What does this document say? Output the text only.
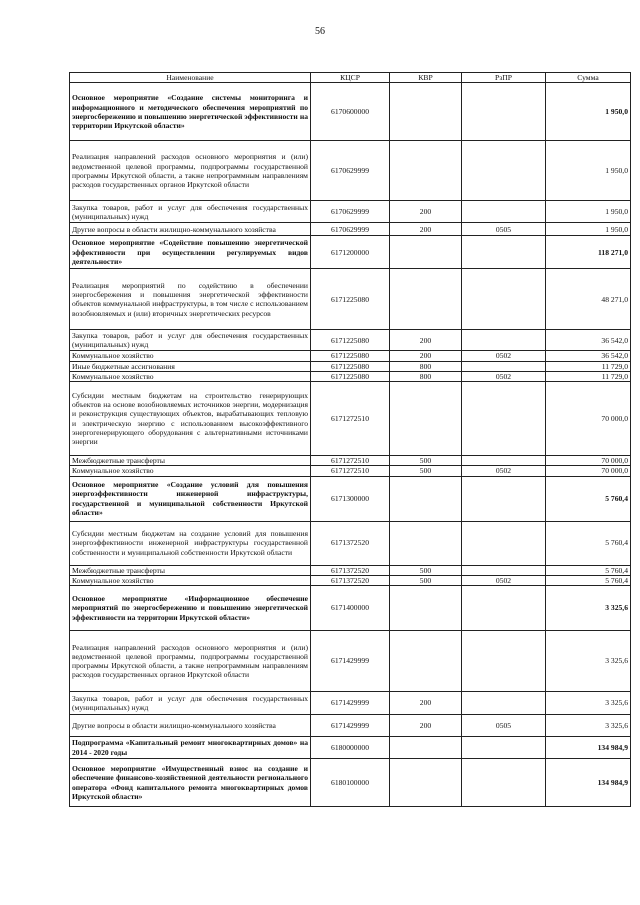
56
Наименование	КЦСР	КВР	РзПР	Сумма
Основное мероприятие «Создание системы мониторинга и информационного и методического обеспечения мероприятий по энергосбережению и повышению энергетической эффективности на территории Иркутской области»	6170600000			1 950,0
Реализация направлений расходов основного мероприятия и (или) ведомственной целевой программы, подпрограммы государственной программы Иркутской области, а также непрограммным направлениям расходов государственных органов Иркутской области	6170629999			1 950,0
Закупка товаров, работ и услуг для обеспечения государственных (муниципальных) нужд	6170629999	200		1 950,0
Другие вопросы в области жилищно-коммунального хозяйства	6170629999	200	0505	1 950,0
Основное мероприятие «Содействие повышению энергетической эффективности при осуществлении регулируемых видов деятельности»	6171200000			118 271,0
Реализация мероприятий по содействию в обеспечении энергосбережения и повышения энергетической эффективности объектов коммунальной инфраструктуры, в том числе с использованием возобновляемых и (или) вторичных энергетических ресурсов	6171225080			48 271,0
Закупка товаров, работ и услуг для обеспечения государственных (муниципальных) нужд	6171225080	200		36 542,0
Коммунальное хозяйство	6171225080	200	0502	36 542,0
Иные бюджетные ассигнования	6171225080	800		11 729,0
Коммунальное хозяйство	6171225080	800	0502	11 729,0
Субсидии местным бюджетам на строительство генерирующих объектов на основе возобновляемых источников энергии, модернизация и реконструкция существующих объектов, вырабатывающих тепловую и электрическую энергию с использованием высокоэффективного энергогенерирующего оборудования с альтернативными источниками энергии	6171272510			70 000,0
Межбюджетные трансферты	6171272510	500		70 000,0
Коммунальное хозяйство	6171272510	500	0502	70 000,0
Основное мероприятие «Создание условий для повышения энергоэффективности инженерной инфраструктуры, государственной и муниципальной собственности Иркутской области»	6171300000			5 760,4
Субсидии местным бюджетам на создание условий для повышения энергоэффективности инженерной инфраструктуры государственной собственности и муниципальной собственности Иркутской области	6171372520			5 760,4
Межбюджетные трансферты	6171372520	500		5 760,4
Коммунальное хозяйство	6171372520	500	0502	5 760,4
Основное мероприятие «Информационное обеспечение мероприятий по энергосбережению и повышению энергетической эффективности на территории Иркутской области»	6171400000			3 325,6
Реализация направлений расходов основного мероприятия и (или) ведомственной целевой программы, подпрограммы государственной программы Иркутской области, а также непрограммным направлениям расходов государственных органов Иркутской области	6171429999			3 325,6
Закупка товаров, работ и услуг для обеспечения государственных (муниципальных) нужд	6171429999	200		3 325,6
Другие вопросы в области жилищно-коммунального хозяйства	6171429999	200	0505	3 325,6
Подпрограмма «Капитальный ремонт многоквартирных домов» на 2014 - 2020 годы	6180000000			134 984,9
Основное мероприятие «Имущественный взнос на создание и обеспечение финансово-хозяйственной деятельности регионального оператора «Фонд капитального ремонта многоквартирных домов Иркутской области»	6180100000			134 984,9
